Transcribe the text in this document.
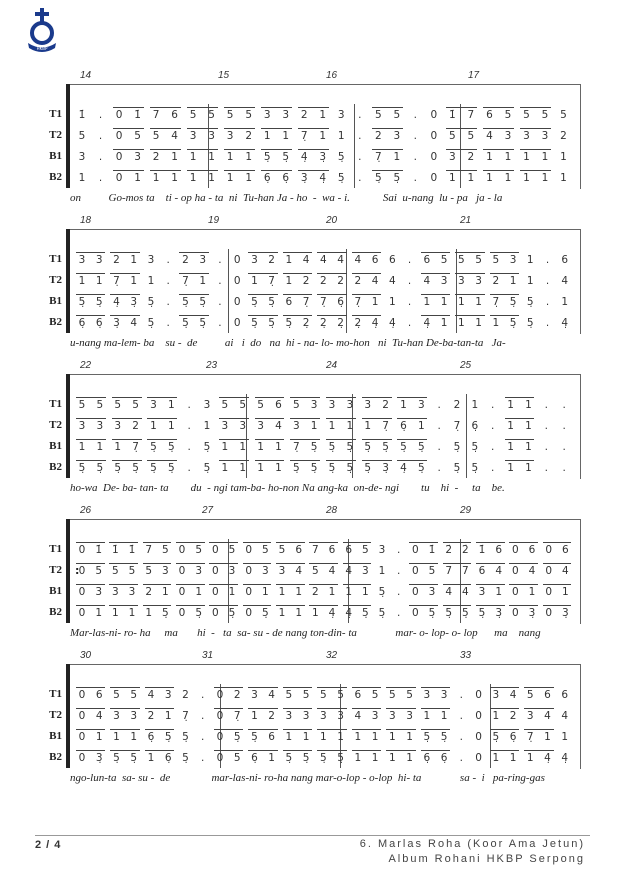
HKBP
14	15	16	17
T1 1̇	.	0 1̇ 7 6 5 5 5 5 3 3 2 1 3	.	5 5	.	0 1̇ 7 6 5 5 5 5
T2 5	.	0 5 5 4 3 3 3 2 1 1 7̣ 1 1	.	2 3	.	0 5 5 4 3 3 3 2
B1 3	.	0 3 2 1 1 1 1 1 5̣ 5̣ 4̣ 3̣ 5̣	.	7̣ 1	.	0 3 2 1 1 1 1 1
B2 1	.	0 1 1 1 1 1 1 1 6̣ 6̣ 3̣ 4̣ 5̣	.	5̣ 5̣	.	0 1 1 1 1 1 1 1
on          Go-mos ta    ti - op ha - ta  ni  Tu-han Ja - ho  -  wa - i.            Sai  u-nang  lu - pa   ja - la
18	19	20	21
T1 3 3 2 1 3	.	2 3	.	0 3 2 1 4 4 4 4 6 6	.	6 5 5 5 5 3 1	.	6
T2 1 1 7̣ 1 1	.	7̣ 1	.	0 1 7̣ 1 2 2 2 2 4 4	.	4 3 3 3 2 1 1	.	4
B1 5̣ 5̣ 4̣ 3̣ 5̣	.	5̣ 5̣	.	0 5̣ 5̣ 6 7̣ 7̣ 6̣ 7̣ 1 1	.	1 1 1 1 7̣ 5̣ 5̣	.	1
B2 6̣ 6̣ 3̣ 4 5̣	.	5̣ 5̣	.	0 5̣ 5̣ 5̣ 2̣ 2̣ 2̣ 2̣ 4̣ 4̣	.	4̣ 1 1 1 1 5̣ 5̣	.	4̣
u-nang ma-lem- ba    su -  de          ai   i  do   na  hi - na- lo- mo-hon   ni  Tu-han De-ba-tan-ta   Ja-
22	23	24	25
T1 5 5 5 5 3 1	.	3 5 5 5 6 5 3 3 3 3 2 1 3	.	2 1	.	1 1	.	.
T2 3 3 3 2 1 1	.	1 3 3 3 4 3 1 1 1 1 7̣ 6̣ 1	.	7̣ 6̣	.	1 1	.	.
B1 1 1 1 7̣ 5̣ 5̣	.	5̣ 1 1 1 1 7̣ 5̣ 5̣ 5̣ 5̣ 5̣ 5̣ 5̣	.	5̣ 5̣	.	1 1	.	.
B2 5̣ 5̣ 5̣ 5̣ 5̣ 5̣	.	5̣ 1 1 1 1 5̣ 5̣ 5̣ 5̣ 5̣ 3̣ 4̣ 5̣	.	5̣ 5̣	.	1 1	.	.
ho-wa  De- ba- tan- ta        du  - ngi tam-ba- ho-non Na ang-ka  on-de- ngi        tu    hi  -     ta    be.
26	27	28	29
:
T1 0 1̇ 1̇ 1̇ 7 5 0 5 0 5 0 5 5 6 7 6 6 5 3	.	0 1̇ 2̇ 2̇ 1̇ 6 0 6 0 6
T2 0 5 5 5 5 3 0 3 0 3 0 3 3 4 5 4 4 3 1	.	0 5 7 7 6 4 0 4 0 4
B1 0 3 3 3 2 1 0 1 0 1 0 1 1 1 2 1 1 1 5̣	.	0 3 4 4 3 1 0 1 0 1
B2 0 1 1 1 1 5̣ 0 5̣ 0 5̣ 0 5̣ 1 1 1 4̣ 4̣ 5̣ 5̣	.	0 5̣ 5̣ 5̣ 5̣ 3̣ 0 3̣ 0 3̣
Mar-las-ni- ro- ha     ma       hi  -   ta  sa- su - de nang ton-din- ta              mar- o- lop- o- lop      ma    nang
30	31	32	33
T1 0 6 5 5 4 3 2	.	0 2 3 4 5 5 5 5 6 5 5 5 3 3	.	0 3 4 5 6 6
T2 0 4 3 3 2 1 7̣	.	0 7̣ 1 2 3 3 3 3 4 3 3 3 1 1	.	0 1 2 3 4 4
B1 0 1 1 1 6̣ 5̣ 5̣	.	0 5̣ 5̣ 6 1 1 1 1 1 1 1 1 5̣ 5̣	.	0 5̣ 6̣ 7̣ 1 1
B2 0 3̣ 5̣ 5̣ 1 6̣ 5̣	.	0 5 6̣ 1 5̣ 5̣ 5̣ 5̣ 1 1 1 1 6̣ 6̣	.	0 1 1 1 4̣ 4̣
ngo-lun-ta  sa- su -  de               mar-las-ni- ro-ha nang mar-o-lop - o-lop  hi- ta              sa -  i   pa-ring-gas
2 / 4	6. Marlas Roha (Koor Ama Jetun)
Album Rohani HKBP Serpong
